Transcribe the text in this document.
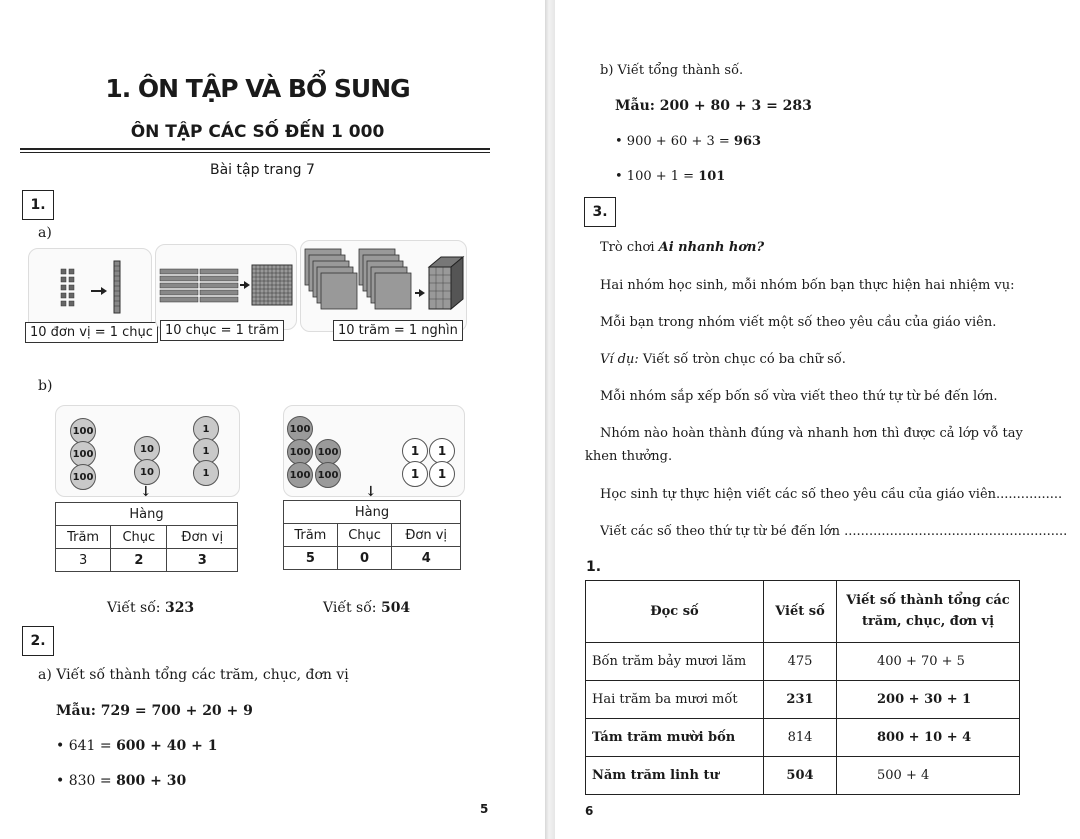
1. ÔN TẬP VÀ BỔ SUNG
ÔN TẬP CÁC SỐ ĐẾN 1 000
Bài tập trang 7
1.
a)
10 đơn vị = 1 chục 10 chục = 1 trăm	10 trăm = 1 nghìn
b)
100
100
100
10
10
1
1
1
↓
Hàng		
Trăm	Chục	Đơn vị
3	2	3
Viết số: 323
100
100 100
100 100
1	1
1	1
↓
Hàng		
Trăm	Chục	Đơn vị
5	0	4
Viết số: 504
2.
a) Viết số thành tổng các trăm, chục, đơn vị
Mẫu: 729 = 700 + 20 + 9
• 641 = 600 + 40 + 1
• 830 = 800 + 30
5
b) Viết tổng thành số.
Mẫu: 200 + 80 + 3 = 283
• 900 + 60 + 3 = 963
• 100 + 1 = 101
3.
Trò chơi Ai nhanh hơn?
Hai nhóm học sinh, mỗi nhóm bốn bạn thực hiện hai nhiệm vụ:
Mỗi bạn trong nhóm viết một số theo yêu cầu của giáo viên.
Ví dụ: Viết số tròn chục có ba chữ số.
Mỗi nhóm sắp xếp bốn số vừa viết theo thứ tự từ bé đến lớn.
Nhóm nào hoàn thành đúng và nhanh hơn thì được cả lớp vỗ tay
khen thưởng.
Học sinh tự thực hiện viết các số theo yêu cầu của giáo viên................
Viết các số theo thứ tự từ bé đến lớn ......................................................
1.
Đọc số	Viết số	Viết số thành tổng các trăm, chục, đơn vị
Bốn trăm bảy mươi lăm	475	400 + 70 + 5
Hai trăm ba mươi mốt	231	200 + 30 + 1
Tám trăm mười bốn	814	800 + 10 + 4
Năm trăm linh tư	504	500 + 4
6
